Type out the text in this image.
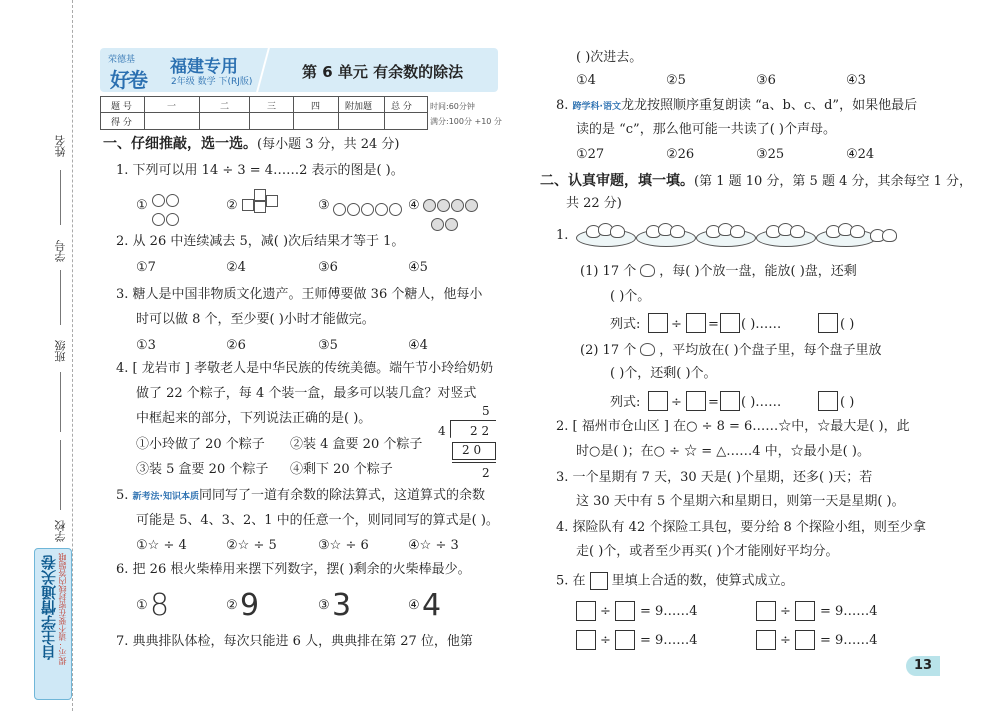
姓名
学号
班级
学校
自主学情通关卷 提示：请不要在密封线内答题哦
荣德基
好卷
福建专用
2年级 数学 下(RJ版)
第 6 单元 有余数的除法
题 号	一	二	三	四	附加题 总 分
得 分
时间:60分钟
满分:100分 +10 分
一、仔细推敲，选一选。(每小题 3 分，共 24 分)
1. 下列可以用 14 ÷ 3 = 4……2 表示的图是( )。
①	②	③	④

2. 从 26 中连续减去 5，减( )次后结果才等于 1。
①7	②4	③6	④5
3. 糖人是中国非物质文化遗产。王师傅要做 36 个糖人，他每小
时可以做 8 个，至少要( )小时才能做完。
①3	②6	③5	④4
4. [ 龙岩市 ] 孝敬老人是中华民族的传统美德。端午节小玲给奶奶
做了 22 个粽子，每 4 个装一盒，最多可以装几盒？对竖式
中框起来的部分，下列说法正确的是( )。
①小玲做了 20 个粽子 ②装 4 盒要 20 个粽子
③装 5 盒要 20 个粽子 ④剩下 20 个粽子
5
4 2 2
2 0
2
5. 新考法·知识本质同同写了一道有余数的除法算式，这道算式的余数
可能是 5、4、3、2、1 中的任意一个，则同同写的算式是( )。
①☆ ÷ 4	②☆ ÷ 5	③☆ ÷ 6	④☆ ÷ 3
6. 把 26 根火柴棒用来摆下列数字，摆( )剩余的火柴棒最少。
① 8	② 9	③ 3	④ 4
7. 典典排队体检，每次只能进 6 人，典典排在第 27 位，他第
( )次进去。
①4	②5	③6	④3
8. 跨学科·语文龙龙按照顺序重复朗读 “a、b、c、d”，如果他最后
读的是 “c”，那么他可能一共读了( )个声母。
①27	②26	③25	④24
二、认真审题，填一填。(第 1 题 10 分，第 5 题 4 分，其余每空 1 分，
共 22 分)
1.
(1) 17 个 ，每( )个放一盘，能放( )盘，还剩
( )个。
列式: ÷ = ( )……	( )
(2) 17 个 ，平均放在( )个盘子里，每个盘子里放
( )个，还剩( )个。
列式: ÷ = ( )……	( )
2. [ 福州市仓山区 ] 在○ ÷ 8 = 6……☆中，☆最大是( )，此
时○是( )；在○ ÷ ☆ = △……4 中，☆最小是( )。
3. 一个星期有 7 天，30 天是( )个星期，还多( )天；若
这 30 天中有 5 个星期六和星期日，则第一天是星期( )。
4. 探险队有 42 个探险工具包，要分给 8 个探险小组，则至少拿
走( )个，或者至少再买( )个才能刚好平均分。
5. 在 里填上合适的数，使算式成立。
÷ = 9……4	÷ = 9……4
÷ = 9……4	÷ = 9……4
13
